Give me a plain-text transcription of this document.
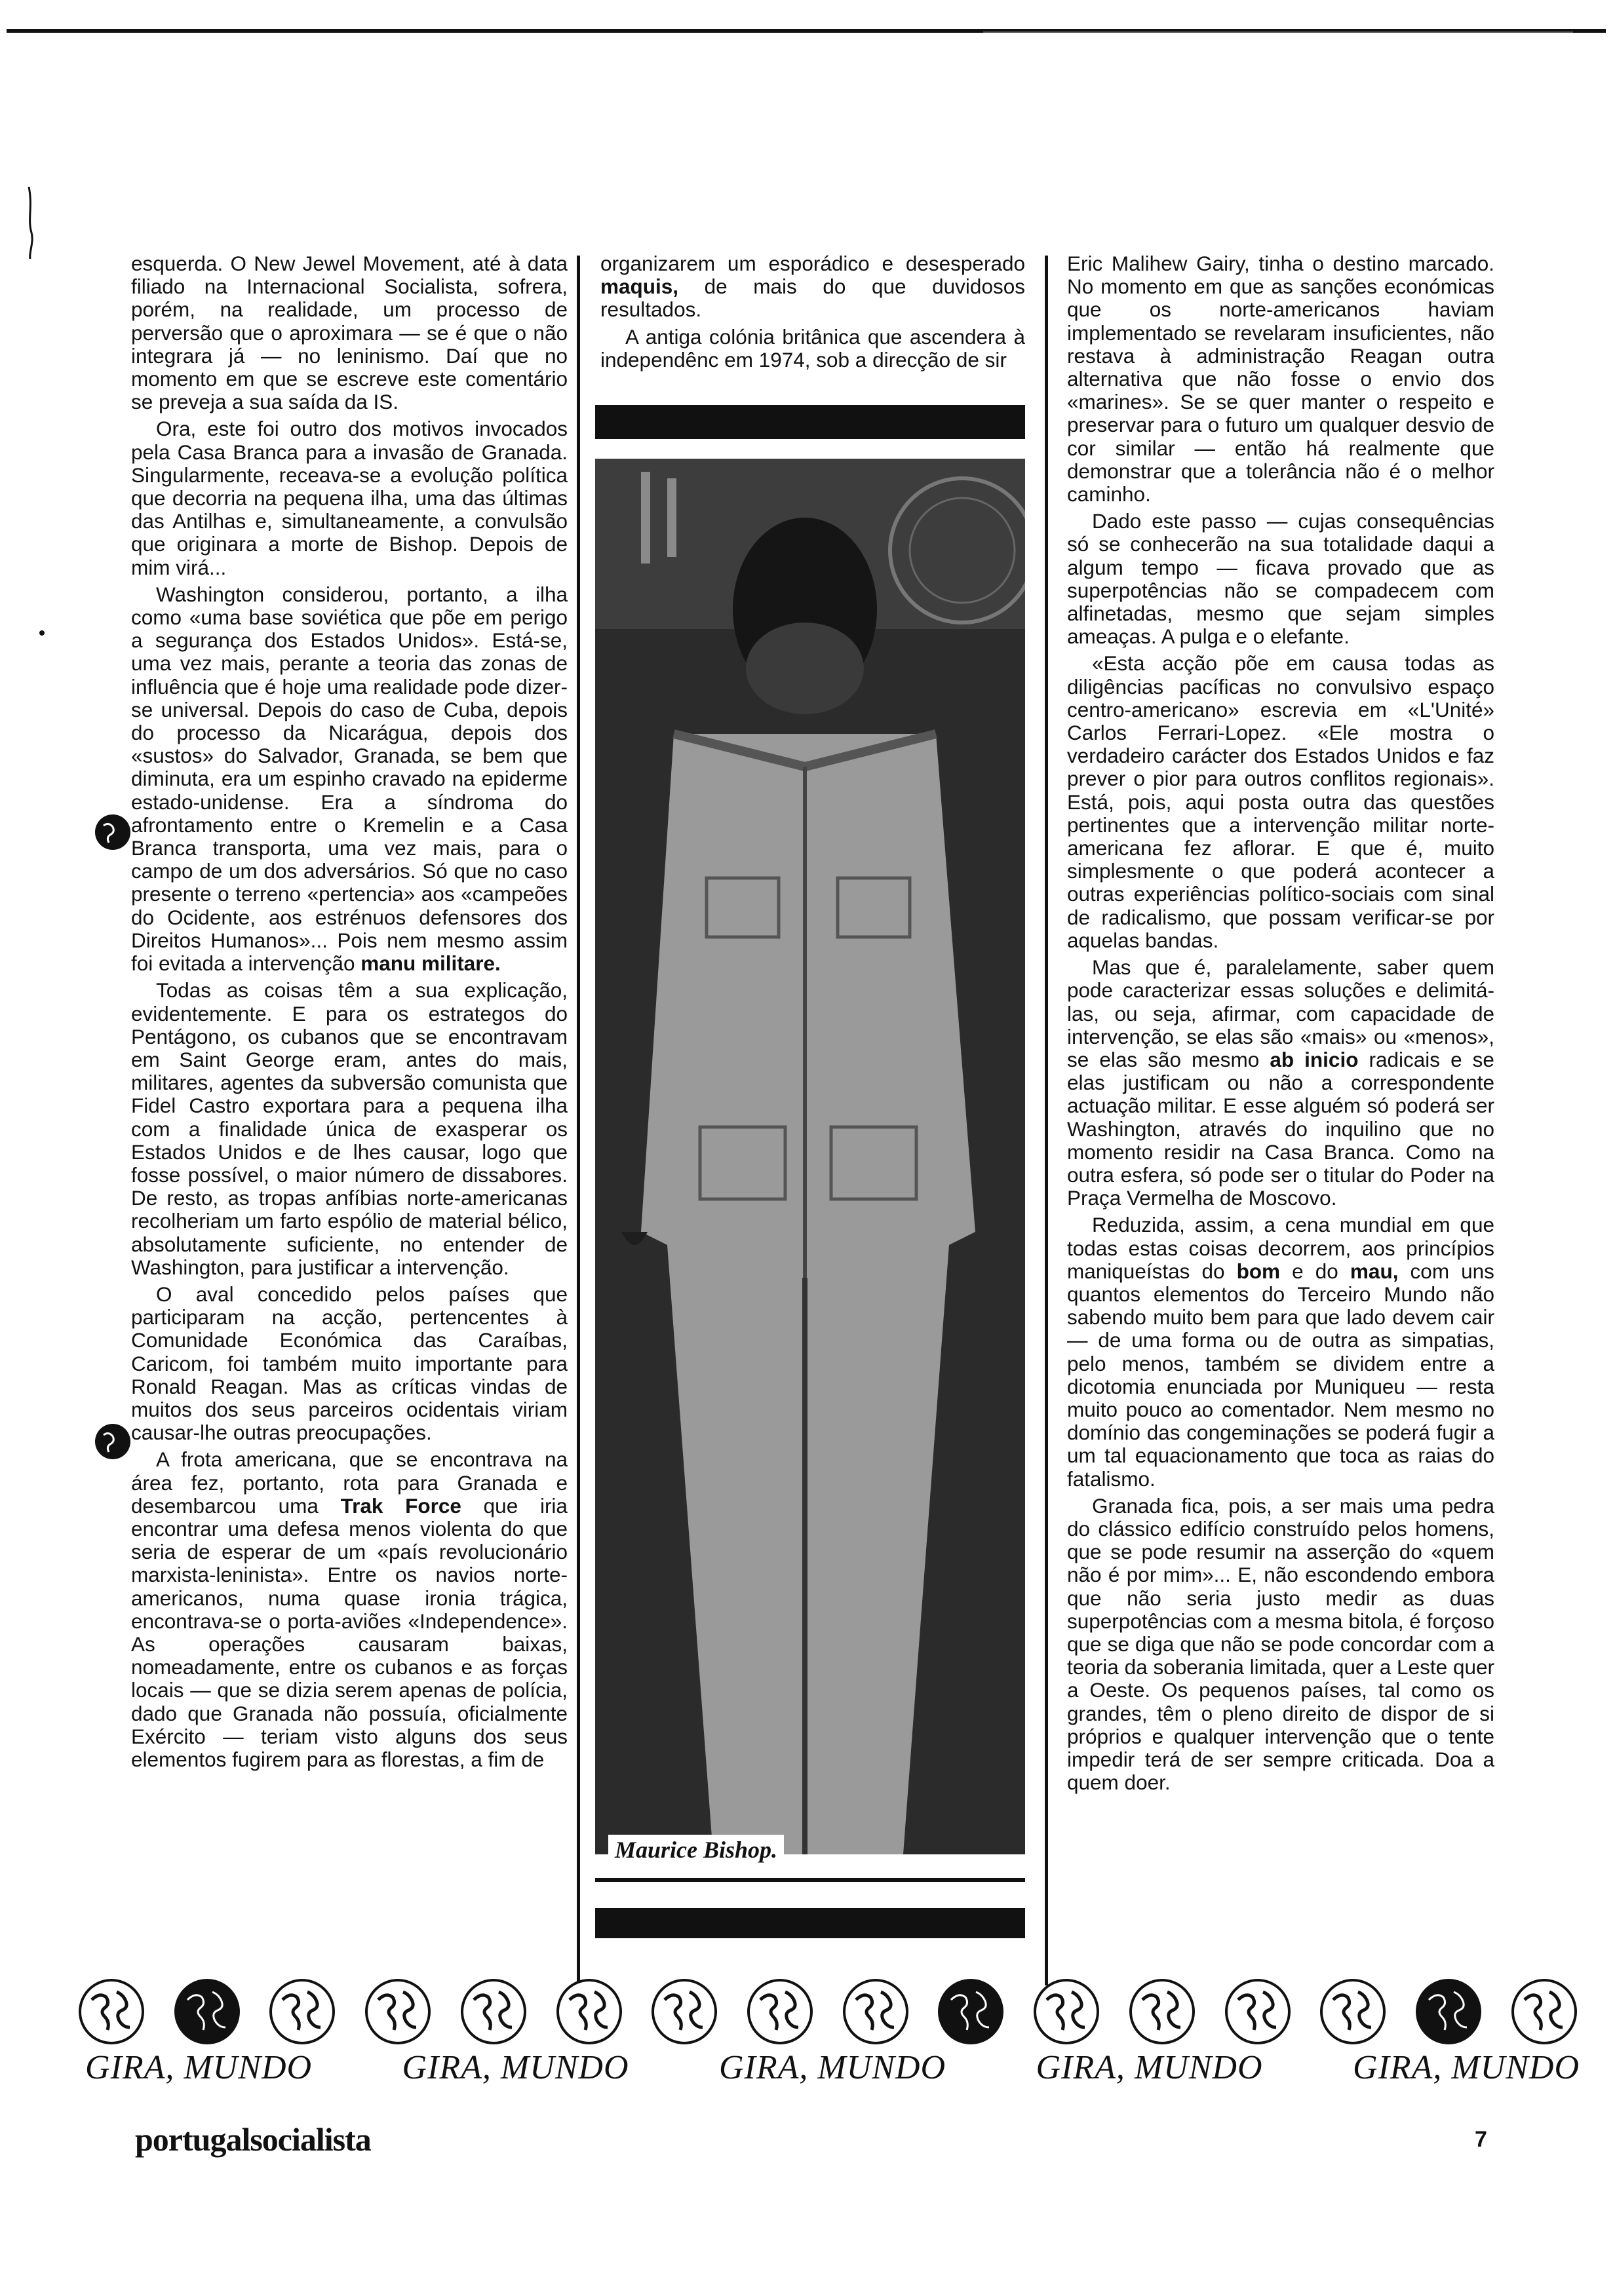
esquerda. O New Jewel Movement, até à data filiado na Internacional Socialista, sofrera, porém, na realidade, um processo de perversão que o aproximara — se é que o não integrara já — no leninismo. Daí que no momento em que se escreve este comentário se preveja a sua saída da IS.

Ora, este foi outro dos motivos invocados pela Casa Branca para a invasão de Granada. Singularmente, receava-se a evolução política que decorria na pequena ilha, uma das últimas das Antilhas e, simultaneamente, a convulsão que originara a morte de Bishop. Depois de mim virá...

Washington considerou, portanto, a ilha como «uma base soviética que põe em perigo a segurança dos Estados Unidos». Está-se, uma vez mais, perante a teoria das zonas de influência que é hoje uma realidade pode dizer-se universal. Depois do caso de Cuba, depois do processo da Nicarágua, depois dos «sustos» do Salvador, Granada, se bem que diminuta, era um espinho cravado na epiderme estado-unidense. Era a síndroma do afrontamento entre o Kremelin e a Casa Branca transporta, uma vez mais, para o campo de um dos adversários. Só que no caso presente o terreno «pertencia» aos «campeões do Ocidente, aos estrénuos defensores dos Direitos Humanos»... Pois nem mesmo assim foi evitada a intervenção manu militare.

Todas as coisas têm a sua explicação, evidentemente. E para os estrategos do Pentágono, os cubanos que se encontravam em Saint George eram, antes do mais, militares, agentes da subversão comunista que Fidel Castro exportara para a pequena ilha com a finalidade única de exasperar os Estados Unidos e de lhes causar, logo que fosse possível, o maior número de dissabores. De resto, as tropas anfíbias norte-americanas recolheriam um farto espólio de material bélico, absolutamente suficiente, no entender de Washington, para justificar a intervenção.

O aval concedido pelos países que participaram na acção, pertencentes à Comunidade Económica das Caraíbas, Caricom, foi também muito importante para Ronald Reagan. Mas as críticas vindas de muitos dos seus parceiros ocidentais viriam causar-lhe outras preocupações.

A frota americana, que se encontrava na área fez, portanto, rota para Granada e desembarcou uma Trak Force que iria encontrar uma defesa menos violenta do que seria de esperar de um «país revolucionário marxista-leninista». Entre os navios norte-americanos, numa quase ironia trágica, encontrava-se o porta-aviões «Independence». As operações causaram baixas, nomeadamente, entre os cubanos e as forças locais — que se dizia serem apenas de polícia, dado que Granada não possuía, oficialmente Exército — teriam visto alguns dos seus elementos fugirem para as florestas, a fim de

organizarem um esporádico e desesperado maquis, de mais do que duvidosos resultados.

A antiga colónia britânica que ascendera à independênc em 1974, sob a direcção de sir

Maurice Bishop.

Eric Malihew Gairy, tinha o destino marcado. No momento em que as sanções económicas que os norte-americanos haviam implementado se revelaram insuficientes, não restava à administração Reagan outra alternativa que não fosse o envio dos «marines». Se se quer manter o respeito e preservar para o futuro um qualquer desvio de cor similar — então há realmente que demonstrar que a tolerância não é o melhor caminho.

Dado este passo — cujas consequências só se conhecerão na sua totalidade daqui a algum tempo — ficava provado que as superpotências não se compadecem com alfinetadas, mesmo que sejam simples ameaças. A pulga e o elefante.

«Esta acção põe em causa todas as diligências pacíficas no convulsivo espaço centro-americano» escrevia em «L'Unité» Carlos Ferrari-Lopez. «Ele mostra o verdadeiro carácter dos Estados Unidos e faz prever o pior para outros conflitos regionais». Está, pois, aqui posta outra das questões pertinentes que a intervenção militar norte-americana fez aflorar. E que é, muito simplesmente o que poderá acontecer a outras experiências político-sociais com sinal de radicalismo, que possam verificar-se por aquelas bandas.

Mas que é, paralelamente, saber quem pode caracterizar essas soluções e delimitá-las, ou seja, afirmar, com capacidade de intervenção, se elas são «mais» ou «menos», se elas são mesmo ab inicio radicais e se elas justificam ou não a correspondente actuação militar. E esse alguém só poderá ser Washington, através do inquilino que no momento residir na Casa Branca. Como na outra esfera, só pode ser o titular do Poder na Praça Vermelha de Moscovo.

Reduzida, assim, a cena mundial em que todas estas coisas decorrem, aos princípios maniqueístas do bom e do mau, com uns quantos elementos do Terceiro Mundo não sabendo muito bem para que lado devem cair — de uma forma ou de outra as simpatias, pelo menos, também se dividem entre a dicotomia enunciada por Muniqueu — resta muito pouco ao comentador. Nem mesmo no domínio das congeminações se poderá fugir a um tal equacionamento que toca as raias do fatalismo.

Granada fica, pois, a ser mais uma pedra do clássico edifício construído pelos homens, que se pode resumir na asserção do «quem não é por mim»... E, não escondendo embora que não seria justo medir as duas superpotências com a mesma bitola, é forçoso que se diga que não se pode concordar com a teoria da soberania limitada, quer a Leste quer a Oeste. Os pequenos países, tal como os grandes, têm o pleno direito de dispor de si próprios e qualquer intervenção que o tente impedir terá de ser sempre criticada. Doa a quem doer.

GIRA, MUNDO	GIRA, MUNDO	GIRA, MUNDO	GIRA, MUNDO	GIRA, MUNDO
portugalsocialista	7
